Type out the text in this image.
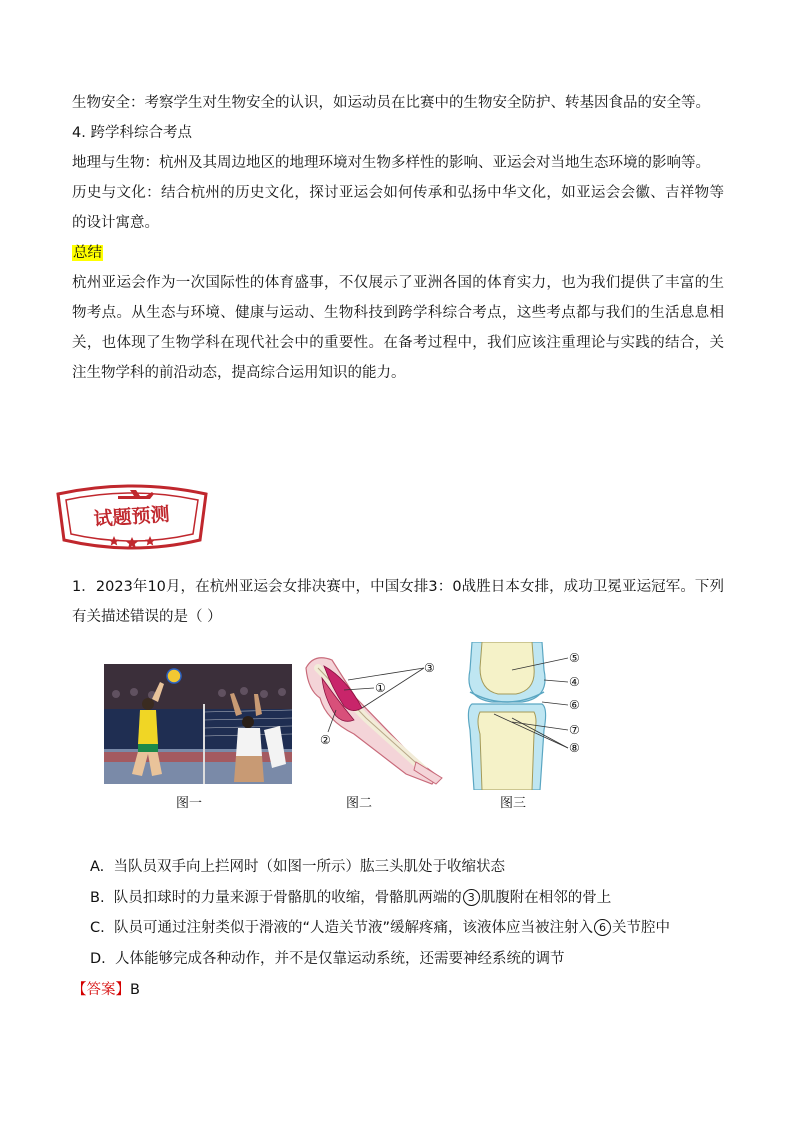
生物安全：考察学生对生物安全的认识，如运动员在比赛中的生物安全防护、转基因食品的安全等。

4. 跨学科综合考点

地理与生物：杭州及其周边地区的地理环境对生物多样性的影响、亚运会对当地生态环境的影响等。

历史与文化：结合杭州的历史文化，探讨亚运会如何传承和弘扬中华文化，如亚运会会徽、吉祥物等的设计寓意。

总结

杭州亚运会作为一次国际性的体育盛事，不仅展示了亚洲各国的体育实力，也为我们提供了丰富的生物考点。从生态与环境、健康与运动、生物科技到跨学科综合考点，这些考点都与我们的生活息息相关，也体现了生物学科在现代社会中的重要性。在备考过程中，我们应该注重理论与实践的结合，关注生物学科的前沿动态，提高综合运用知识的能力。

试题预测

1．2023年10月，在杭州亚运会女排决赛中，中国女排3：0战胜日本女排，成功卫冕亚运冠军。下列有关描述错误的是（ ）

①
②
③
⑤
④
⑥
⑦
⑧
图一	图二	图三
A. 当队员双手向上拦网时（如图一所示）肱三头肌处于收缩状态
B. 队员扣球时的力量来源于骨骼肌的收缩，骨骼肌两端的 3 肌腹附在相邻的骨上
C. 队员可通过注射类似于滑液的“人造关节液”缓解疼痛，该液体应当被注射入 6 关节腔中
D. 人体能够完成各种动作，并不是仅靠运动系统，还需要神经系统的调节
【答案】B
